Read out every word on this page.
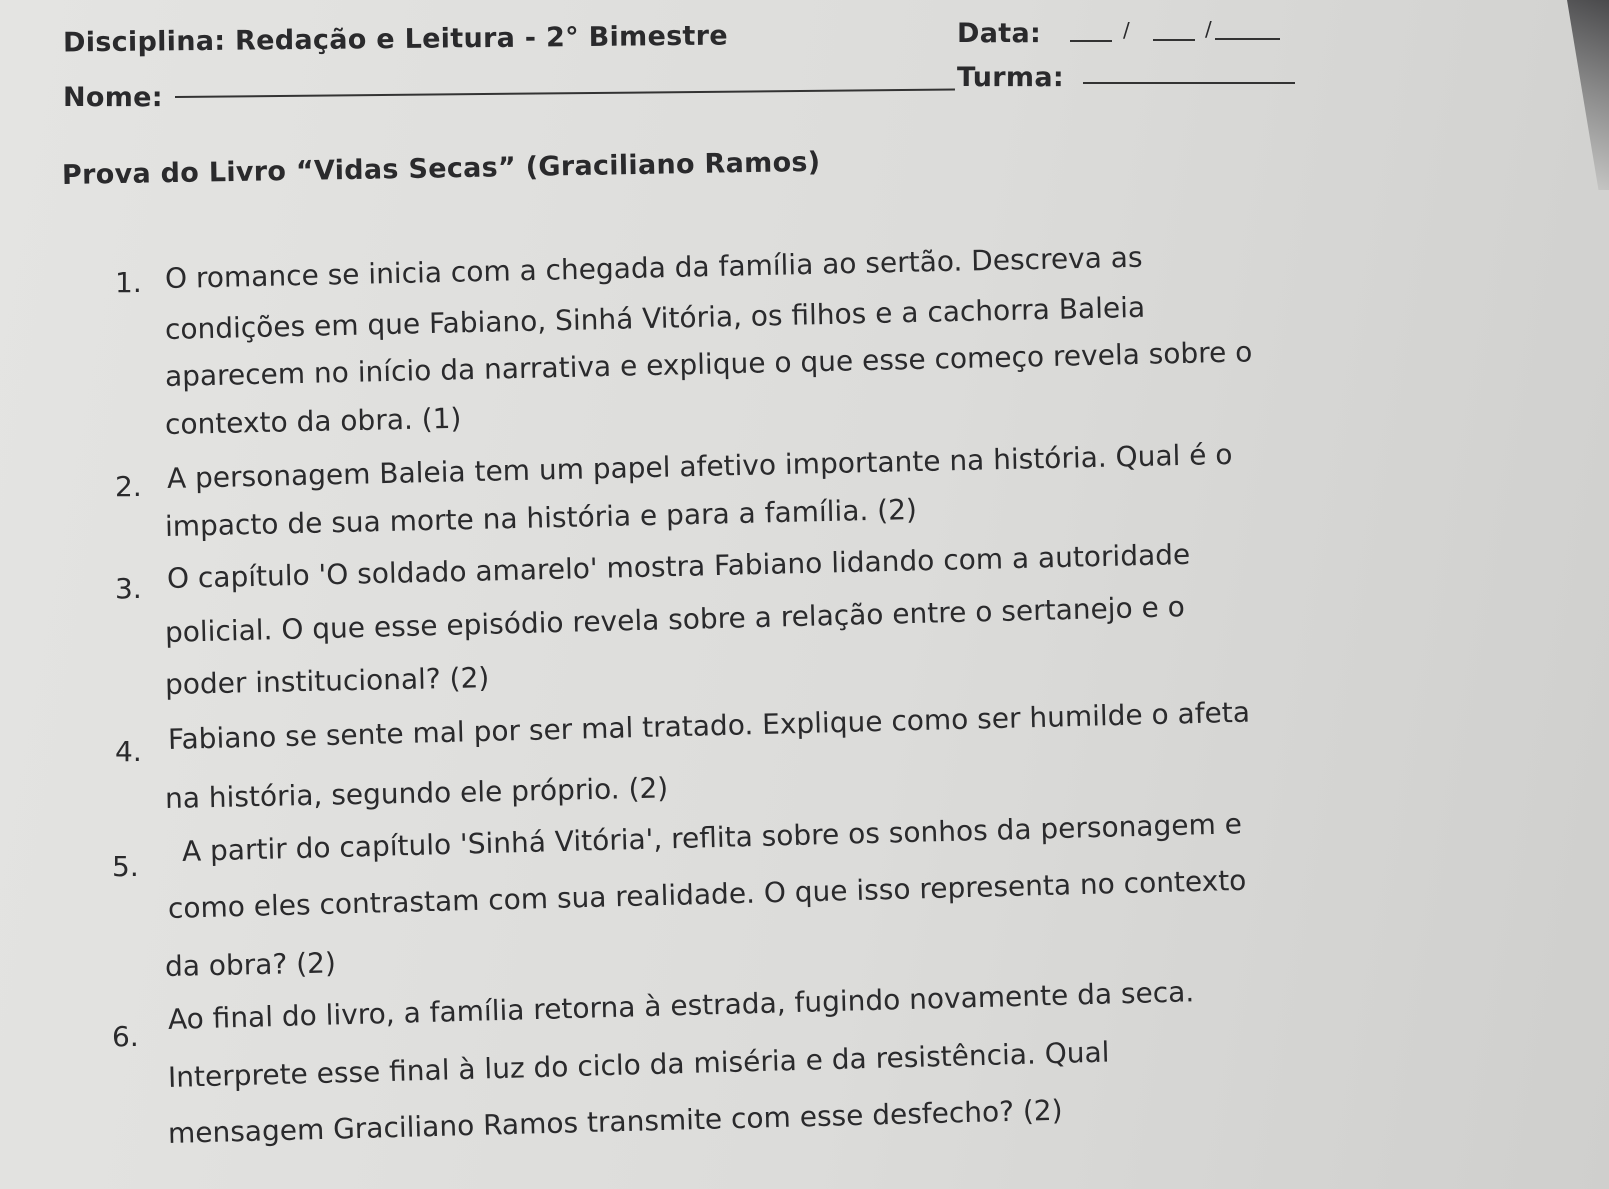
Disciplina: Redação e Leitura - 2° Bimestre	Data:	/	/
Nome:
Turma:
Prova do Livro “Vidas Secas” (Graciliano Ramos)
1. O romance se inicia com a chegada da família ao sertão. Descreva as
condições em que Fabiano, Sinhá Vitória, os filhos e a cachorra Baleia
aparecem no início da narrativa e explique o que esse começo revela sobre o
contexto da obra. (1)
2. A personagem Baleia tem um papel afetivo importante na história. Qual é o
impacto de sua morte na história e para a família. (2)
3. O capítulo 'O soldado amarelo' mostra Fabiano lidando com a autoridade
policial. O que esse episódio revela sobre a relação entre o sertanejo e o
poder institucional? (2)
4. Fabiano se sente mal por ser mal tratado. Explique como ser humilde o afeta
na história, segundo ele próprio. (2)
5. A partir do capítulo 'Sinhá Vitória', reflita sobre os sonhos da personagem e
como eles contrastam com sua realidade. O que isso representa no contexto
da obra? (2)
6.
Ao final do livro, a família retorna à estrada, fugindo novamente da seca.
Interprete esse final à luz do ciclo da miséria e da resistência. Qual
mensagem Graciliano Ramos transmite com esse desfecho? (2)
